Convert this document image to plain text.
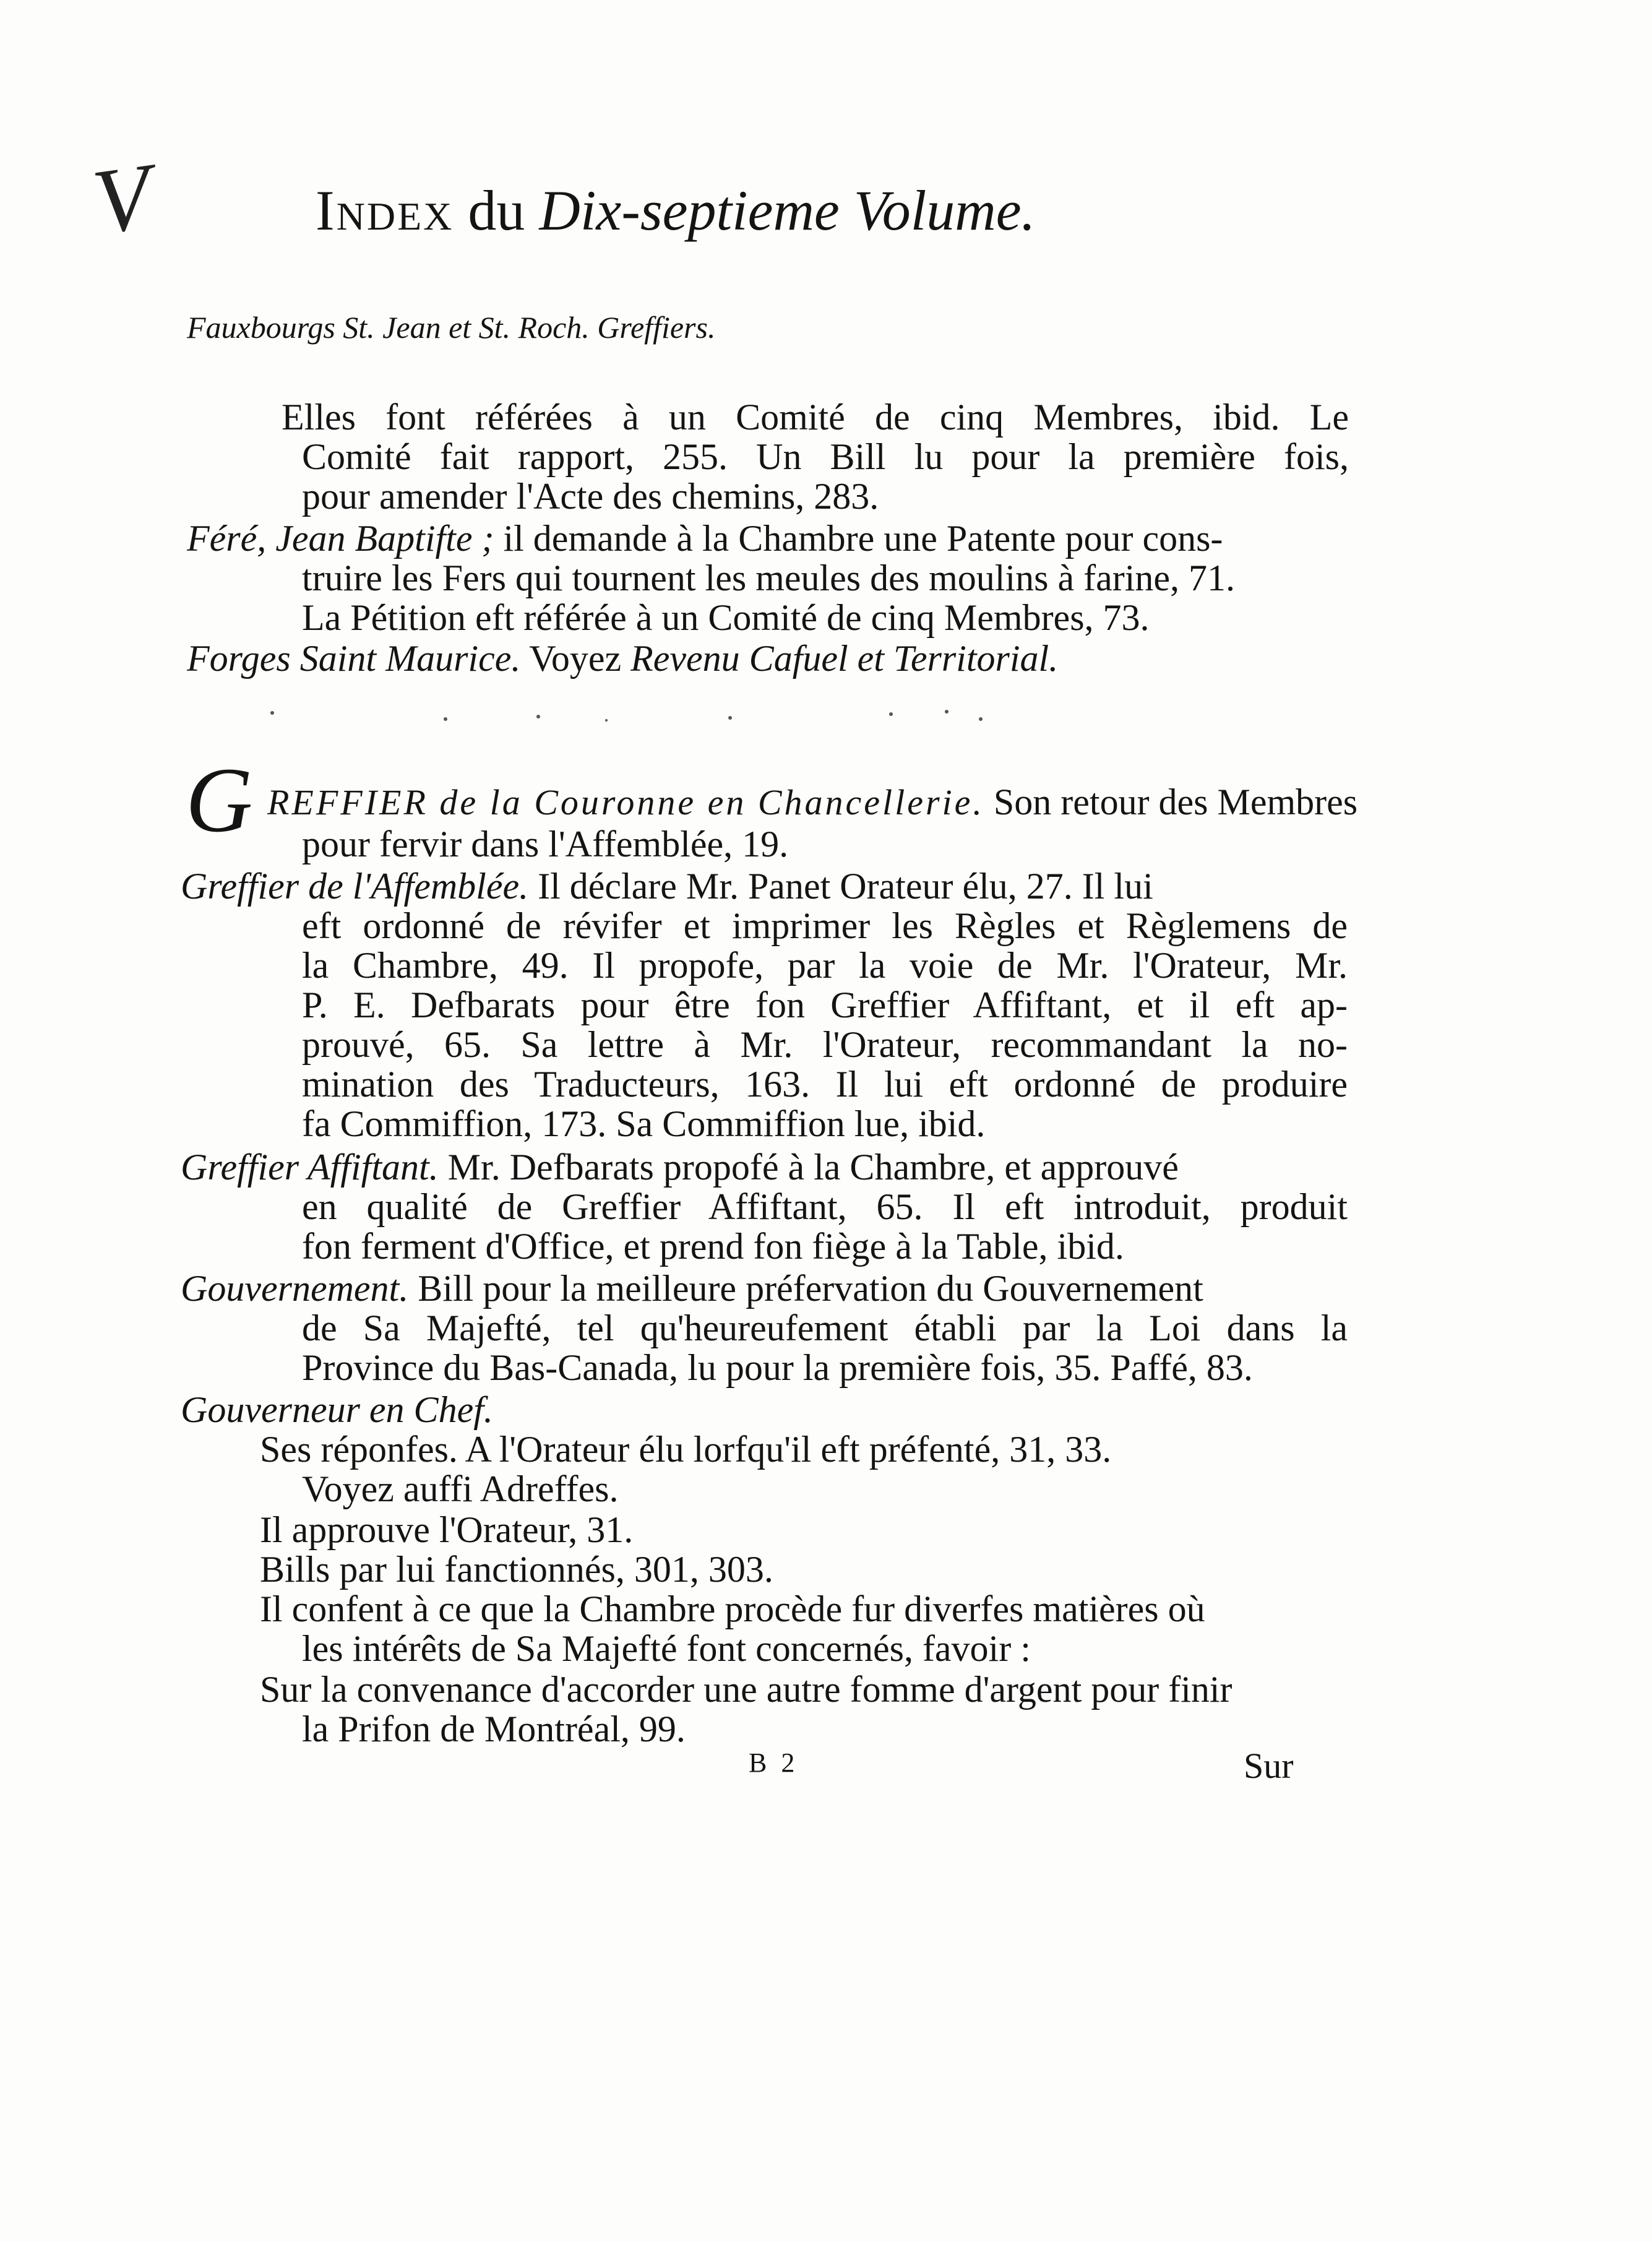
V	Index du Dix-septieme Volume.
Fauxbourgs St. Jean et St. Roch. Greffiers.
Elles font référées à un Comité de cinq Membres, ibid. Le
Comité fait rapport, 255. Un Bill lu pour la première fois,
pour amender l'Acte des chemins, 283.
Féré, Jean Baptifte ; il demande à la Chambre une Patente pour cons-
truire les Fers qui tournent les meules des moulins à farine, 71.
La Pétition eft référée à un Comité de cinq Membres, 73.
Forges Saint Maurice. Voyez Revenu Cafuel et Territorial.
G REFFIER de la Couronne en Chancellerie. Son retour des Membres
pour fervir dans l'Affemblée, 19.
Greffier de l'Affemblée. Il déclare Mr. Panet Orateur élu, 27. Il lui
eft ordonné de révifer et imprimer les Règles et Règlemens de
la Chambre, 49. Il propofe, par la voie de Mr. l'Orateur, Mr.
P. E. Defbarats pour être fon Greffier Affiftant, et il eft ap-
prouvé, 65. Sa lettre à Mr. l'Orateur, recommandant la no-
mination des Traducteurs, 163. Il lui eft ordonné de produire
fa Commiffion, 173. Sa Commiffion lue, ibid.
Greffier Affiftant. Mr. Defbarats propofé à la Chambre, et approuvé
en qualité de Greffier Affiftant, 65. Il eft introduit, produit
fon ferment d'Office, et prend fon fiège à la Table, ibid.
Gouvernement. Bill pour la meilleure préfervation du Gouvernement
de Sa Majefté, tel qu'heureufement établi par la Loi dans la
Province du Bas-Canada, lu pour la première fois, 35. Paffé, 83.
Gouverneur en Chef.
Ses réponfes. A l'Orateur élu lorfqu'il eft préfenté, 31, 33.
Voyez auffi Adreffes.
Il approuve l'Orateur, 31.
Bills par lui fanctionnés, 301, 303.
Il confent à ce que la Chambre procède fur diverfes matières où
les intérêts de Sa Majefté font concernés, favoir :
Sur la convenance d'accorder une autre fomme d'argent pour finir
la Prifon de Montréal, 99.
B 2	Sur
